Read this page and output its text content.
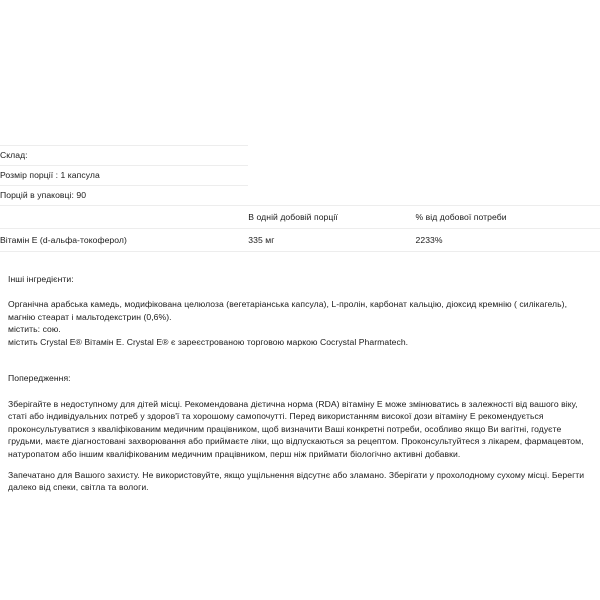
Склад:		
Розмір порції : 1 капсула		
Порцій в упаковці: 90		
	В одній добовій порції	% від добової потреби
Вітамін Е (d-альфа-токоферол)	335 мг	2233%

Інші інгредієнти:

Органічна арабська камедь, модифікована целюлоза (вегетаріанська капсула), L-пролін, карбонат кальцію, діоксид кремнію ( силікагель), магнію стеарат і мальтодекстрин (0,6%).

містить: сою.

містить Crystal E® Вітамін E. Crystal E® є зареєстрованою торговою маркою Cocrystal Pharmatech.

Попередження:

Зберігайте в недоступному для дітей місці. Рекомендована дієтична норма (RDA) вітаміну Е може змінюватись в залежності від вашого віку, статі або індивідуальних потреб у здоров'ї та хорошому самопочутті. Перед використанням високої дози вітаміну Е рекомендується проконсультуватися з кваліфікованим медичним працівником, щоб визначити Ваші конкретні потреби, особливо якщо Ви вагітні, годуєте грудьми, маєте діагностовані захворювання або приймаєте ліки, що відпускаються за рецептом. Проконсультуйтеся з лікарем, фармацевтом, натуропатом або іншим кваліфікованим медичним працівником, перш ніж приймати біологічно активні добавки.

Запечатано для Вашого захисту. Не використовуйте, якщо ущільнення відсутнє або зламано. Зберігати у прохолодному сухому місці. Берегти далеко від спеки, світла та вологи.
